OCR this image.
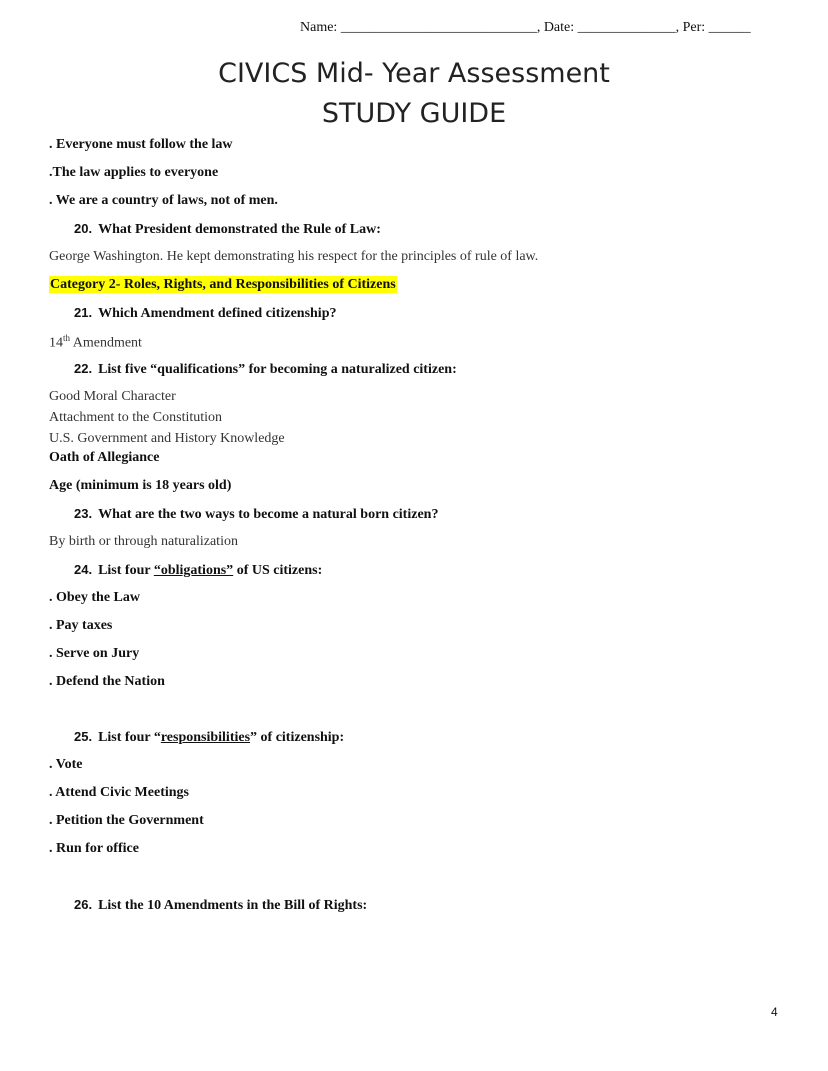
Name: ____________________________, Date: ______________, Per: ______
CIVICS Mid- Year Assessment
STUDY GUIDE
. Everyone must follow the law
.The law applies to everyone
. We are a country of laws, not of men.
20. What President demonstrated the Rule of Law:
George Washington. He kept demonstrating his respect for the principles of rule of law.
Category 2- Roles, Rights, and Responsibilities of Citizens
21. Which Amendment defined citizenship?
14th Amendment
22. List five “qualifications” for becoming a naturalized citizen:
Good Moral Character
Attachment to the Constitution
U.S. Government and History Knowledge
Oath of Allegiance
Age (minimum is 18 years old)
23. What are the two ways to become a natural born citizen?
By birth or through naturalization
24. List four “obligations” of US citizens:
. Obey the Law
. Pay taxes
. Serve on Jury
. Defend the Nation
25. List four “responsibilities” of citizenship:
. Vote
. Attend Civic Meetings
. Petition the Government
. Run for office
26. List the 10 Amendments in the Bill of Rights:
4
